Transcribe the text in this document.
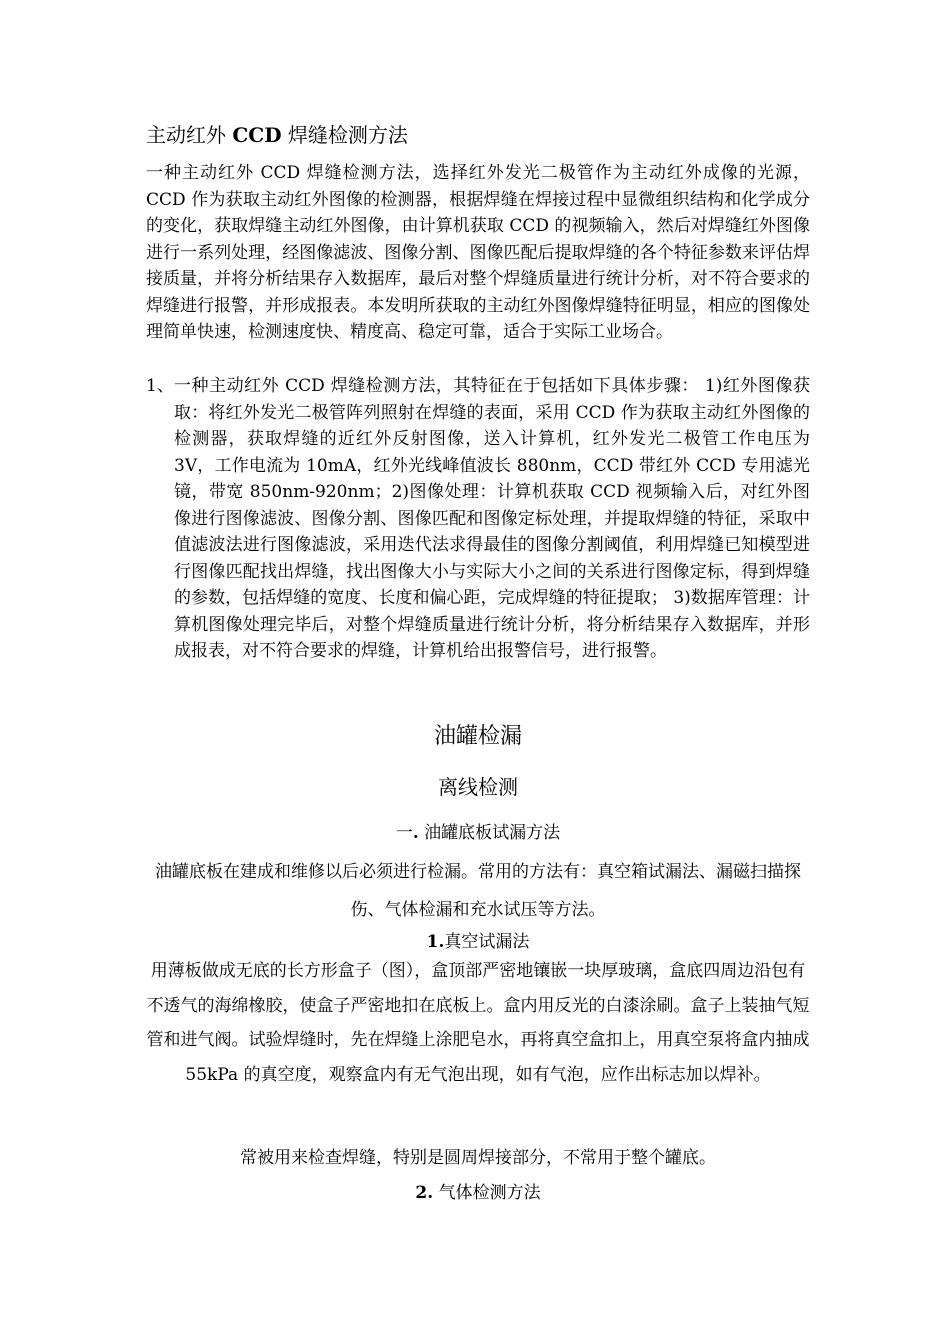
主动红外 CCD 焊缝检测方法
一种主动红外 CCD 焊缝检测方法，选择红外发光二极管作为主动红外成像的光源，CCD 作为获取主动红外图像的检测器，根据焊缝在焊接过程中显微组织结构和化学成分的变化，获取焊缝主动红外图像，由计算机获取 CCD 的视频输入，然后对焊缝红外图像进行一系列处理，经图像滤波、图像分割、图像匹配后提取焊缝的各个特征参数来评估焊接质量，并将分析结果存入数据库，最后对整个焊缝质量进行统计分析，对不符合要求的焊缝进行报警，并形成报表。本发明所获取的主动红外图像焊缝特征明显，相应的图像处理简单快速，检测速度快、精度高、稳定可靠，适合于实际工业场合。
1、 一种主动红外 CCD 焊缝检测方法，其特征在于包括如下具体步骤： 1)红外图像获取：将红外发光二极管阵列照射在焊缝的表面，采用 CCD 作为获取主动红外图像的检测器，获取焊缝的近红外反射图像，送入计算机，红外发光二极管工作电压为 3V，工作电流为 10mA，红外光线峰值波长 880nm，CCD 带红外 CCD 专用滤光镜，带宽 850nm-920nm；2)图像处理：计算机获取 CCD 视频输入后，对红外图像进行图像滤波、图像分割、图像匹配和图像定标处理，并提取焊缝的特征，采取中值滤波法进行图像滤波，采用迭代法求得最佳的图像分割阈值，利用焊缝已知模型进行图像匹配找出焊缝，找出图像大小与实际大小之间的关系进行图像定标，得到焊缝的参数，包括焊缝的宽度、长度和偏心距，完成焊缝的特征提取； 3)数据库管理：计算机图像处理完毕后，对整个焊缝质量进行统计分析，将分析结果存入数据库，并形成报表，对不符合要求的焊缝，计算机给出报警信号，进行报警。
油罐检漏
离线检测
一. 油罐底板试漏方法
油罐底板在建成和维修以后必须进行检漏。常用的方法有：真空箱试漏法、漏磁扫描探伤、气体检漏和充水试压等方法。
1.真空试漏法
用薄板做成无底的长方形盒子（图），盒顶部严密地镶嵌一块厚玻璃，盒底四周边沿包有不透气的海绵橡胶，使盒子严密地扣在底板上。盒内用反光的白漆涂刷。盒子上装抽气短管和进气阀。试验焊缝时，先在焊缝上涂肥皂水，再将真空盒扣上，用真空泵将盒内抽成 55kPa 的真空度，观察盒内有无气泡出现，如有气泡，应作出标志加以焊补。
常被用来检查焊缝，特别是圆周焊接部分，不常用于整个罐底。
2. 气体检测方法
